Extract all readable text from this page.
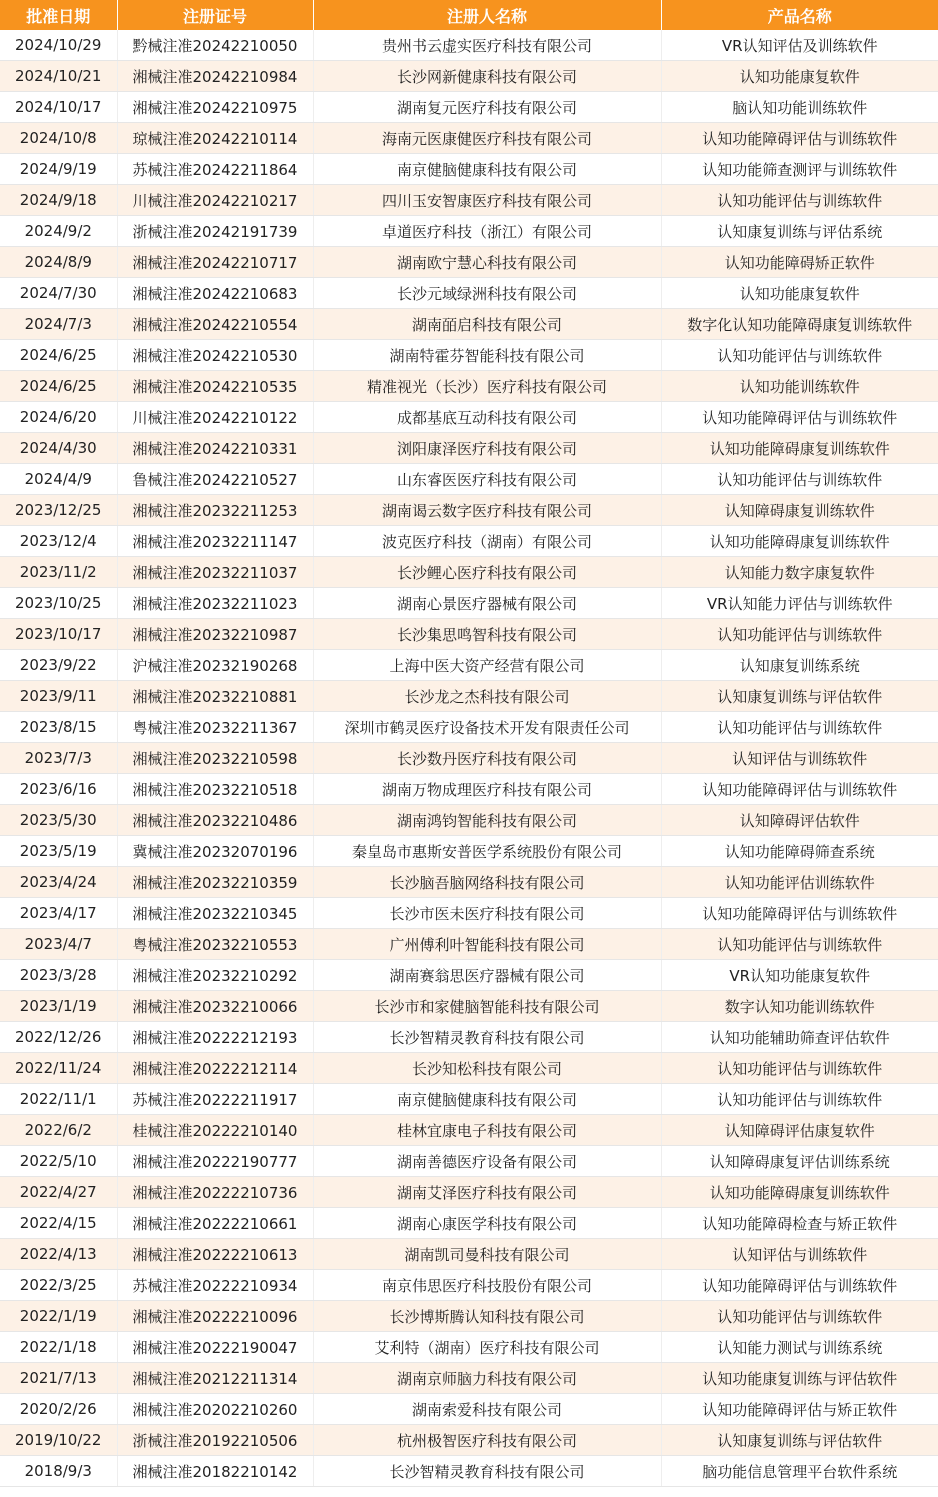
批准日期	注册证号	注册人名称	产品名称
2024/10/29	黔械注准20242210050	贵州书云虚实医疗科技有限公司	VR认知评估及训练软件
2024/10/21	湘械注准20242210984	长沙网新健康科技有限公司	认知功能康复软件
2024/10/17	湘械注准20242210975	湖南复元医疗科技有限公司	脑认知功能训练软件
2024/10/8	琼械注准20242210114	海南元医康健医疗科技有限公司	认知功能障碍评估与训练软件
2024/9/19	苏械注准20242211864	南京健脑健康科技有限公司	认知功能筛查测评与训练软件
2024/9/18	川械注准20242210217	四川玉安智康医疗科技有限公司	认知功能评估与训练软件
2024/9/2	浙械注准20242191739	卓道医疗科技（浙江）有限公司	认知康复训练与评估系统
2024/8/9	湘械注准20242210717	湖南欧宁慧心科技有限公司	认知功能障碍矫正软件
2024/7/30	湘械注准20242210683	长沙元域绿洲科技有限公司	认知功能康复软件
2024/7/3	湘械注准20242210554	湖南皕启科技有限公司	数字化认知功能障碍康复训练软件
2024/6/25	湘械注准20242210530	湖南特霍芬智能科技有限公司	认知功能评估与训练软件
2024/6/25	湘械注准20242210535	精准视光（长沙）医疗科技有限公司	认知功能训练软件
2024/6/20	川械注准20242210122	成都基底互动科技有限公司	认知功能障碍评估与训练软件
2024/4/30	湘械注准20242210331	浏阳康泽医疗科技有限公司	认知功能障碍康复训练软件
2024/4/9	鲁械注准20242210527	山东睿医医疗科技有限公司	认知功能评估与训练软件
2023/12/25	湘械注准20232211253	湖南谒云数字医疗科技有限公司	认知障碍康复训练软件
2023/12/4	湘械注准20232211147	波克医疗科技（湖南）有限公司	认知功能障碍康复训练软件
2023/11/2	湘械注准20232211037	长沙鲤心医疗科技有限公司	认知能力数字康复软件
2023/10/25	湘械注准20232211023	湖南心景医疗器械有限公司	VR认知能力评估与训练软件
2023/10/17	湘械注准20232210987	长沙集思鸣智科技有限公司	认知功能评估与训练软件
2023/9/22	沪械注准20232190268	上海中医大资产经营有限公司	认知康复训练系统
2023/9/11	湘械注准20232210881	长沙龙之杰科技有限公司	认知康复训练与评估软件
2023/8/15	粤械注准20232211367	深圳市鹤灵医疗设备技术开发有限责任公司	认知功能评估与训练软件
2023/7/3	湘械注准20232210598	长沙数丹医疗科技有限公司	认知评估与训练软件
2023/6/16	湘械注准20232210518	湖南万物成理医疗科技有限公司	认知功能障碍评估与训练软件
2023/5/30	湘械注准20232210486	湖南鸿钧智能科技有限公司	认知障碍评估软件
2023/5/19	冀械注准20232070196	秦皇岛市惠斯安普医学系统股份有限公司	认知功能障碍筛查系统
2023/4/24	湘械注准20232210359	长沙脑吾脑网络科技有限公司	认知功能评估训练软件
2023/4/17	湘械注准20232210345	长沙市医未医疗科技有限公司	认知功能障碍评估与训练软件
2023/4/7	粤械注准20232210553	广州傅利叶智能科技有限公司	认知功能评估与训练软件
2023/3/28	湘械注准20232210292	湖南赛翁思医疗器械有限公司	VR认知功能康复软件
2023/1/19	湘械注准20232210066	长沙市和家健脑智能科技有限公司	数字认知功能训练软件
2022/12/26	湘械注准20222212193	长沙智精灵教育科技有限公司	认知功能辅助筛查评估软件
2022/11/24	湘械注准20222212114	长沙知松科技有限公司	认知功能评估与训练软件
2022/11/1	苏械注准20222211917	南京健脑健康科技有限公司	认知功能评估与训练软件
2022/6/2	桂械注准20222210140	桂林宜康电子科技有限公司	认知障碍评估康复软件
2022/5/10	湘械注准20222190777	湖南善德医疗设备有限公司	认知障碍康复评估训练系统
2022/4/27	湘械注准20222210736	湖南艾泽医疗科技有限公司	认知功能障碍康复训练软件
2022/4/15	湘械注准20222210661	湖南心康医学科技有限公司	认知功能障碍检查与矫正软件
2022/4/13	湘械注准20222210613	湖南凯司曼科技有限公司	认知评估与训练软件
2022/3/25	苏械注准20222210934	南京伟思医疗科技股份有限公司	认知功能障碍评估与训练软件
2022/1/19	湘械注准20222210096	长沙博斯腾认知科技有限公司	认知功能评估与训练软件
2022/1/18	湘械注准20222190047	艾利特（湖南）医疗科技有限公司	认知能力测试与训练系统
2021/7/13	湘械注准20212211314	湖南京师脑力科技有限公司	认知功能康复训练与评估软件
2020/2/26	湘械注准20202210260	湖南索爱科技有限公司	认知功能障碍评估与矫正软件
2019/10/22	浙械注准20192210506	杭州极智医疗科技有限公司	认知康复训练与评估软件
2018/9/3	湘械注准20182210142	长沙智精灵教育科技有限公司	脑功能信息管理平台软件系统
